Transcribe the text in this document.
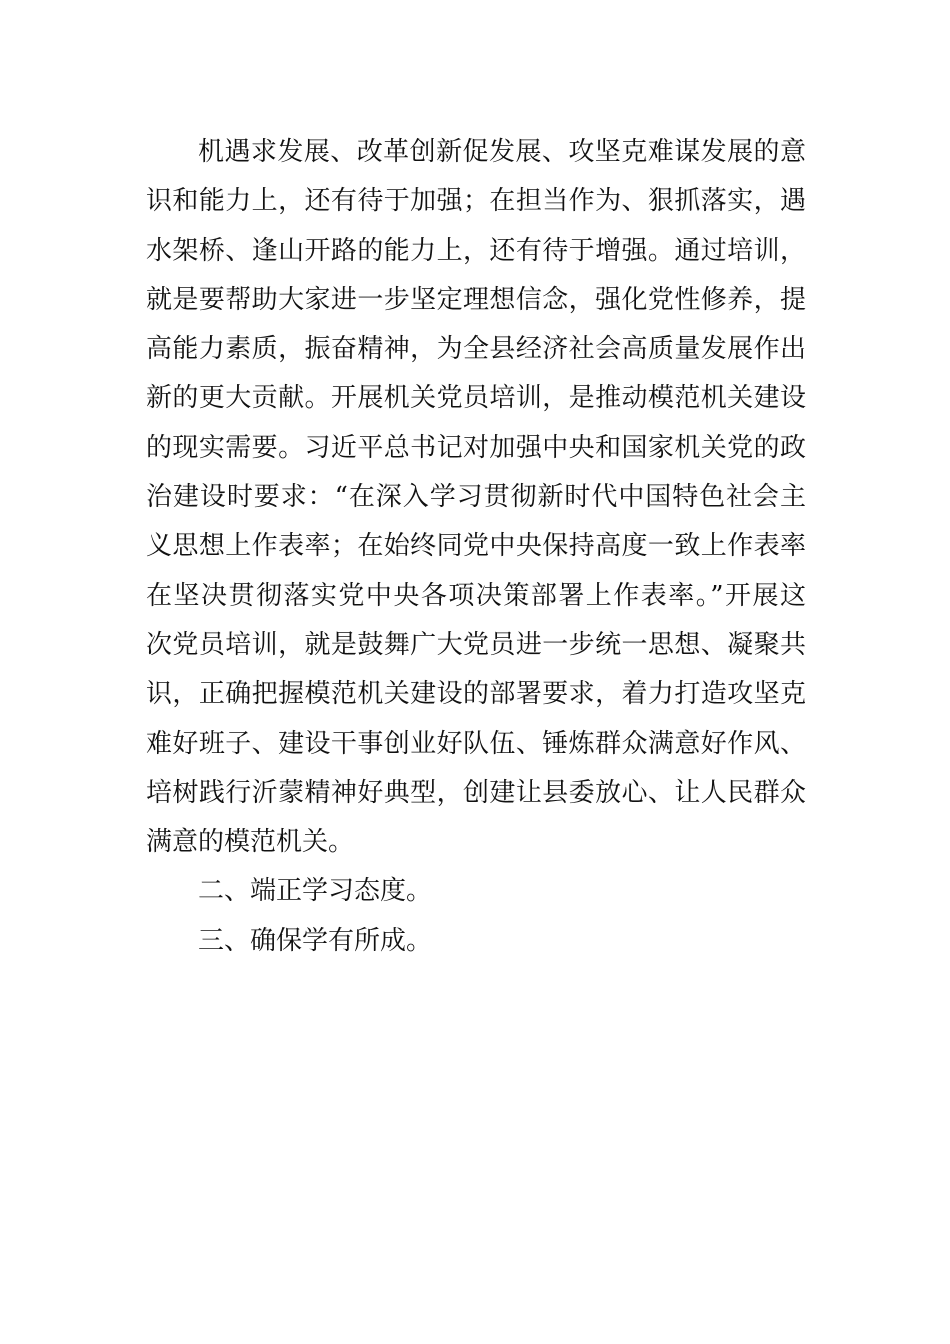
机遇求发展、改革创新促发展、攻坚克难谋发展的意
识和能力上，还有待于加强；在担当作为、狠抓落实，遇
水架桥、逢山开路的能力上，还有待于增强。通过培训，
就是要帮助大家进一步坚定理想信念，强化党性修养，提
高能力素质，振奋精神，为全县经济社会高质量发展作出
新的更大贡献。开展机关党员培训，是推动模范机关建设
的现实需要。习近平总书记对加强中央和国家机关党的政
治建设时要求：“在深入学习贯彻新时代中国特色社会主
义思想上作表率；在始终同党中央保持高度一致上作表率
在坚决贯彻落实党中央各项决策部署上作表率。”开展这
次党员培训，就是鼓舞广大党员进一步统一思想、凝聚共
识，正确把握模范机关建设的部署要求，着力打造攻坚克
难好班子、建设干事创业好队伍、锤炼群众满意好作风、
培树践行沂蒙精神好典型，创建让县委放心、让人民群众
满意的模范机关。
二、端正学习态度。
三、确保学有所成。
